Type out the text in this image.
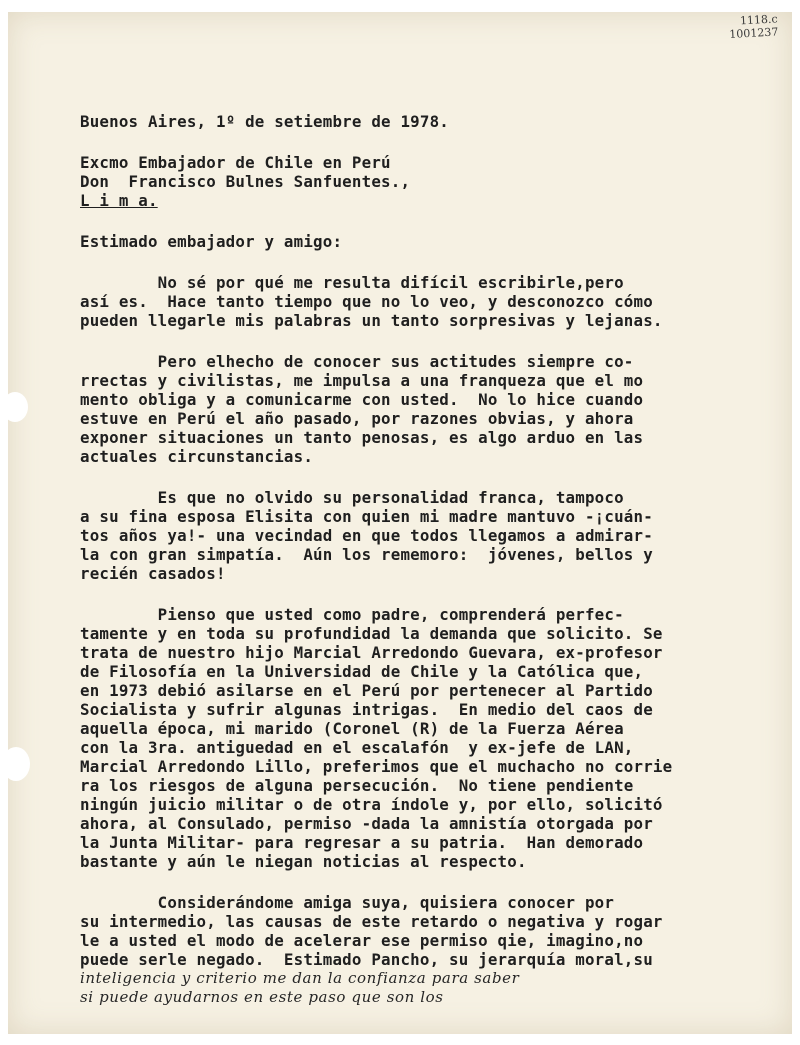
1118.c
1001237
Buenos Aires, 1º de setiembre de 1978.
Excmo Embajador de Chile en Perú
Don  Francisco Bulnes Sanfuentes.,
L i m a.
Estimado embajador y amigo:
No sé por qué me resulta difícil escribirle,pero
así es.  Hace tanto tiempo que no lo veo, y desconozco cómo
pueden llegarle mis palabras un tanto sorpresivas y lejanas.
Pero elhecho de conocer sus actitudes siempre co-
rrectas y civilistas, me impulsa a una franqueza que el mo
mento obliga y a comunicarme con usted.  No lo hice cuando
estuve en Perú el año pasado, por razones obvias, y ahora
exponer situaciones un tanto penosas, es algo arduo en las
actuales circunstancias.
Es que no olvido su personalidad franca, tampoco
a su fina esposa Elisita con quien mi madre mantuvo -¡cuán-
tos años ya!- una vecindad en que todos llegamos a admirar-
la con gran simpatía.  Aún los rememoro:  jóvenes, bellos y
recién casados!
Pienso que usted como padre, comprenderá perfec-
tamente y en toda su profundidad la demanda que solicito. Se
trata de nuestro hijo Marcial Arredondo Guevara, ex-profesor
de Filosofía en la Universidad de Chile y la Católica que,
en 1973 debió asilarse en el Perú por pertenecer al Partido
Socialista y sufrir algunas intrigas.  En medio del caos de
aquella época, mi marido (Coronel (R) de la Fuerza Aérea
con la 3ra. antiguedad en el escalafón  y ex-jefe de LAN,
Marcial Arredondo Lillo, preferimos que el muchacho no corrie
ra los riesgos de alguna persecución.  No tiene pendiente
ningún juicio militar o de otra índole y, por ello, solicitó
ahora, al Consulado, permiso -dada la amnistía otorgada por
la Junta Militar- para regresar a su patria.  Han demorado
bastante y aún le niegan noticias al respecto.
Considerándome amiga suya, quisiera conocer por
su intermedio, las causas de este retardo o negativa y rogar
le a usted el modo de acelerar ese permiso qie, imagino,no
puede serle negado.  Estimado Pancho, su jerarquía moral,su
inteligencia y criterio me dan la confianza para saber
si puede ayudarnos en este paso que son los
